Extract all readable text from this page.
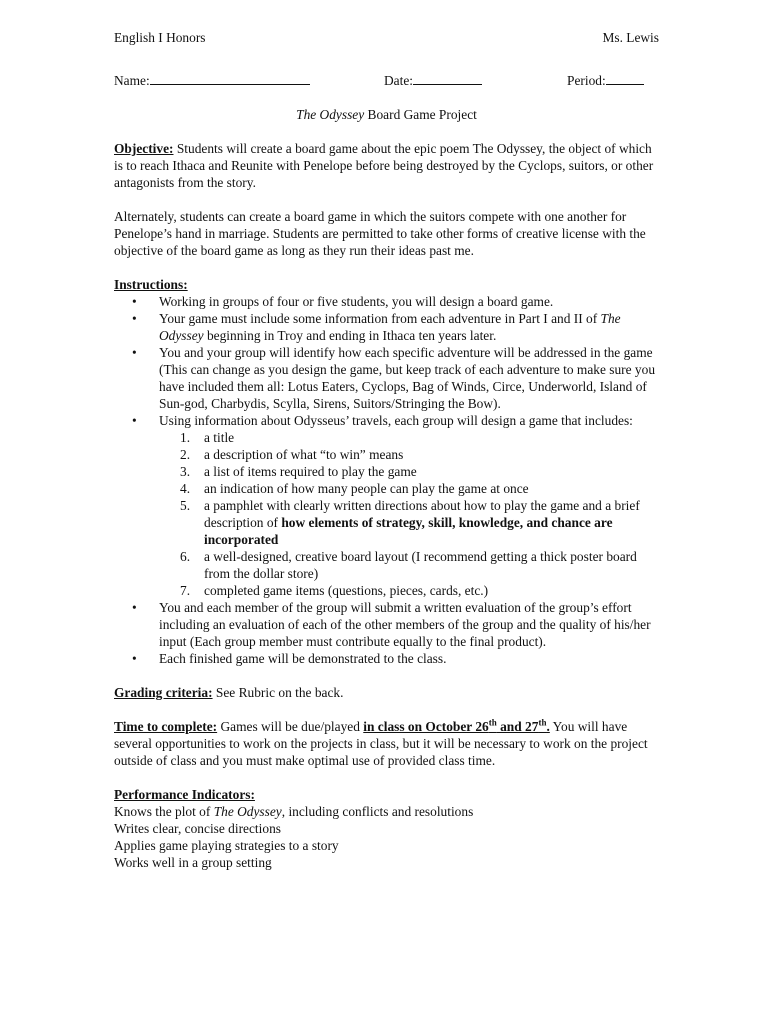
English I Honors	Ms. Lewis
Name:	Date:	Period:
The Odyssey Board Game Project

Objective: Students will create a board game about the epic poem The Odyssey, the object of which is to reach Ithaca and Reunite with Penelope before being destroyed by the Cyclops, suitors, or other antagonists from the story.

Alternately, students can create a board game in which the suitors compete with one another for Penelope’s hand in marriage. Students are permitted to take other forms of creative license with the objective of the board game as long as they run their ideas past me.

Instructions:
• Working in groups of four or five students, you will design a board game.
• Your game must include some information from each adventure in Part I and II of The Odyssey beginning in Troy and ending in Ithaca ten years later.
• You and your group will identify how each specific adventure will be addressed in the game (This can change as you design the game, but keep track of each adventure to make sure you have included them all: Lotus Eaters, Cyclops, Bag of Winds, Circe, Underworld, Island of Sun-god, Charbydis, Scylla, Sirens, Suitors/Stringing the Bow).
• Using information about Odysseus’ travels, each group will design a game that includes:
1. a title
2. a description of what “to win” means
3. a list of items required to play the game
4. an indication of how many people can play the game at once
5. a pamphlet with clearly written directions about how to play the game and a brief description of how elements of strategy, skill, knowledge, and chance are incorporated
6. a well-designed, creative board layout (I recommend getting a thick poster board from the dollar store)
7. completed game items (questions, pieces, cards, etc.)
• You and each member of the group will submit a written evaluation of the group’s effort including an evaluation of each of the other members of the group and the quality of his/her input (Each group member must contribute equally to the final product).
• Each finished game will be demonstrated to the class.

Grading criteria: See Rubric on the back.

Time to complete: Games will be due/played in class on October 26th and 27th. You will have several opportunities to work on the projects in class, but it will be necessary to work on the project outside of class and you must make optimal use of provided class time.

Performance Indicators:
Knows the plot of The Odyssey, including conflicts and resolutions
Writes clear, concise directions
Applies game playing strategies to a story
Works well in a group setting
